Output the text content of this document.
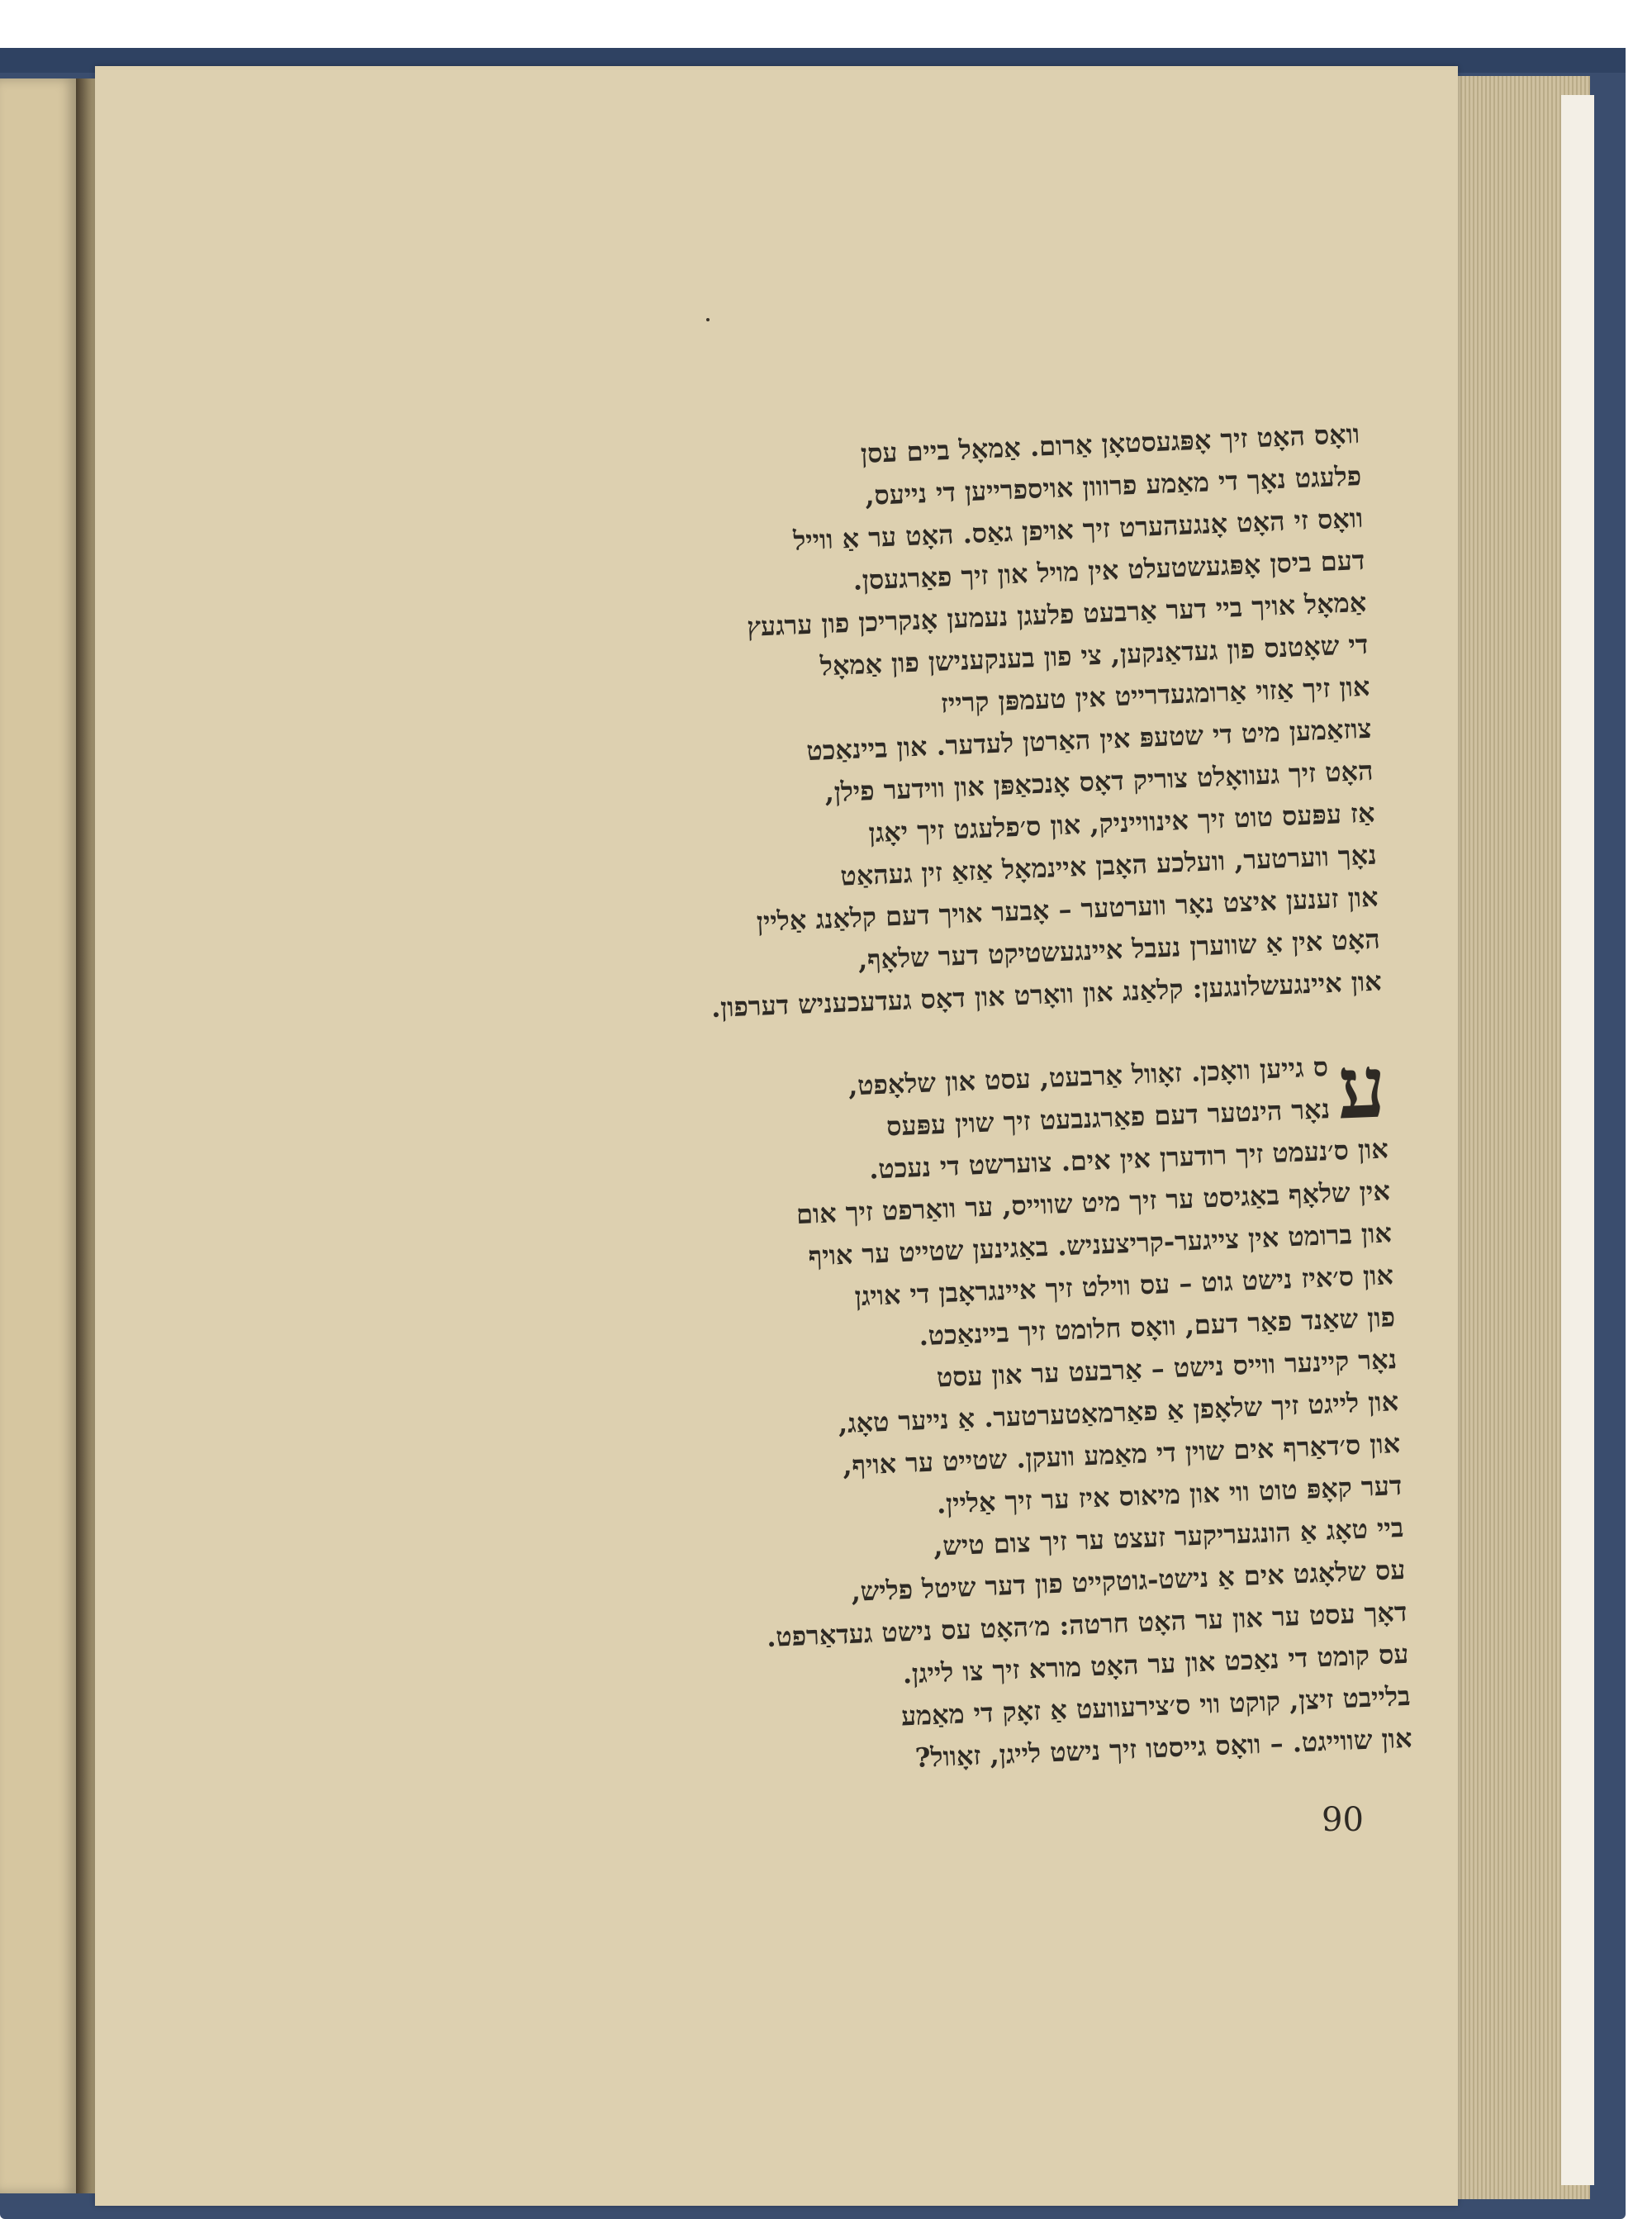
וואָס האָט זיך אָפּגעסטאָן אַרום. אַמאָל ביים עסן
פלעגט נאָך די מאַמע פרווון אויספרייען די נייעס,
וואָס זי האָט אָנגעהערט זיך אויפן גאַס. האָט ער אַ ווייל
דעם ביסן אָפּגעשטעלט אין מויל און זיך פאַרגעסן.
אַמאָל אויך ביי דער אַרבעט פלעגן נעמען אָנקריכן פון ערגעץ
די שאָטנס פון געדאַנקען, צי פון בענקענישן פון אַמאָל
און זיך אַזוי אַרומגעדרייט אין טעמפּן קרייז
צוזאַמען מיט די שטעפּ אין האַרטן לעדער. און ביינאַכט
האָט זיך געוואָלט צוריק דאָס אָנכאַפּן און ווידער פילן,
אַז עפּעס טוט זיך אינווייניק, און ס׳פלעגט זיך יאָגן
נאָך ווערטער, וועלכע האָבן איינמאָל אַזאַ זין געהאַט
און זענען איצט נאָר ווערטער – אָבער אויך דעם קלאַנג אַליין
האָט אין אַ שווערן נעבל איינגעשטיקט דער שלאָף,
און איינגעשלונגען: קלאַנג און וואָרט און דאָס געדעכעניש דערפון.
ע
ס גייען וואָכן. זאָוול אַרבעט, עסט און שלאָפט,
נאָר הינטער דעם פאַרגנבעט זיך שוין עפּעס
און ס׳נעמט זיך רודערן אין אים. צוערשט די נעכט.
אין שלאָף באַגיסט ער זיך מיט שווייס, ער וואַרפט זיך אום
און ברומט אין צייגער-קריצעניש. באַגינען שטייט ער אויף
און ס׳איז נישט גוט – עס ווילט זיך איינגראָבן די אויגן
פון שאַנד פאַר דעם, וואָס חלומט זיך ביינאַכט.
נאָר קיינער ווייס נישט – אַרבעט ער און עסט
און לייגט זיך שלאָפן אַ פאַרמאַטערטער. אַ נייער טאָג,
און ס׳דאַרף אים שוין די מאַמע וועקן. שטייט ער אויף,
דער קאָפּ טוט ווי און מיאוס איז ער זיך אַליין.
ביי טאָג אַ הונגעריקער זעצט ער זיך צום טיש,
עס שלאָגט אים אַ נישט-גוטקייט פון דער שיטל פליש,
דאָך עסט ער און ער האָט חרטה: מ׳האָט עס נישט געדאַרפט.
עס קומט די נאַכט און ער האָט מורא זיך צו לייגן.
בלייבט זיצן, קוקט ווי ס׳צירעוועט אַ זאָק די מאַמע
און שווייגט. – וואָס גייסטו זיך נישט לייגן, זאָוול?
90
